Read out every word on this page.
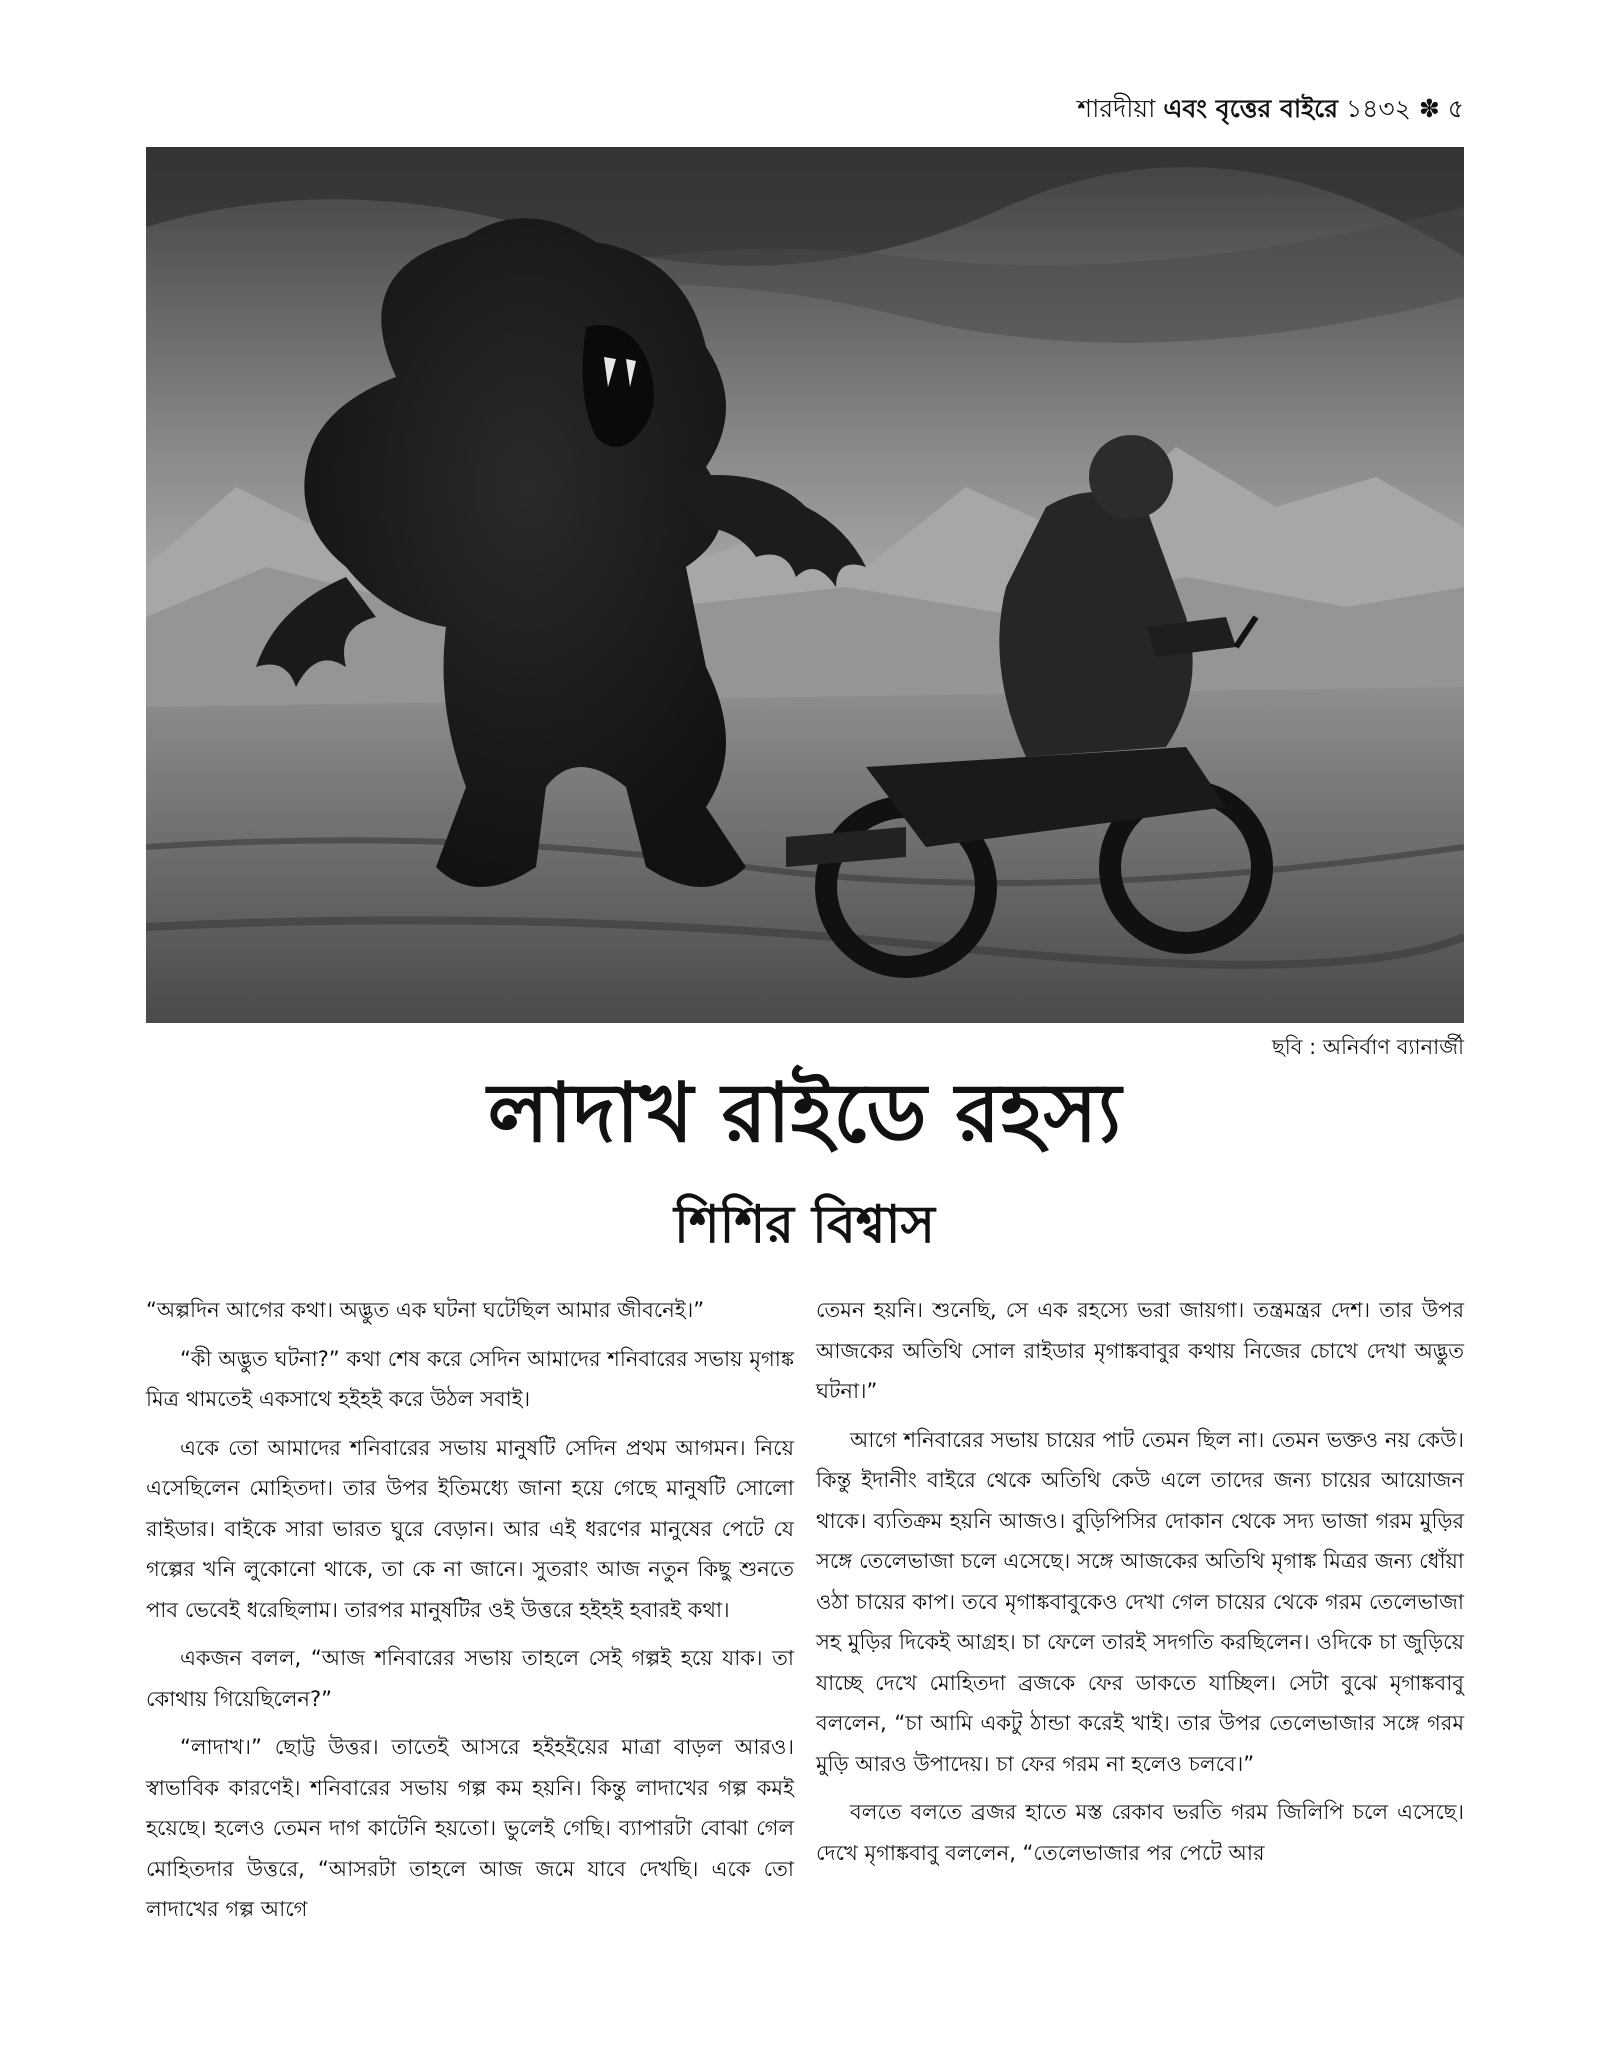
শারদীয়া এবং বৃত্তের বাইরে ১৪৩২ ✽ ৫
ছবি : অনির্বাণ ব্যানার্জী
লাদাখ রাইডে রহস্য
শিশির বিশ্বাস

“অল্পদিন আগের কথা। অদ্ভুত এক ঘটনা ঘটেছিল আমার জীবনেই।”

“কী অদ্ভুত ঘটনা?” কথা শেষ করে সেদিন আমাদের শনিবারের সভায় মৃগাঙ্ক মিত্র থামতেই একসাথে হইহই করে উঠল সবাই।

একে তো আমাদের শনিবারের সভায় মানুষটি সেদিন প্রথম আগমন। নিয়ে এসেছিলেন মোহিতদা। তার উপর ইতিমধ্যে জানা হয়ে গেছে মানুষটি সোলো রাইডার। বাইকে সারা ভারত ঘুরে বেড়ান। আর এই ধরণের মানুষের পেটে যে গল্পের খনি লুকোনো থাকে, তা কে না জানে। সুতরাং আজ নতুন কিছু শুনতে পাব ভেবেই ধরেছিলাম। তারপর মানুষটির ওই উত্তরে হইহই হবারই কথা।

একজন বলল, “আজ শনিবারের সভায় তাহলে সেই গল্পই হয়ে যাক। তা কোথায় গিয়েছিলেন?”

“লাদাখ।” ছোট্ট উত্তর। তাতেই আসরে হইহইয়ের মাত্রা বাড়ল আরও। স্বাভাবিক কারণেই। শনিবারের সভায় গল্প কম হয়নি। কিন্তু লাদাখের গল্প কমই হয়েছে। হলেও তেমন দাগ কাটেনি হয়তো। ভুলেই গেছি। ব্যাপারটা বোঝা গেল মোহিতদার উত্তরে, “আসরটা তাহলে আজ জমে যাবে দেখছি। একে তো লাদাখের গল্প আগে

তেমন হয়নি। শুনেছি, সে এক রহস্যে ভরা জায়গা। তন্ত্রমন্ত্রর দেশ। তার উপর আজকের অতিথি সোল রাইডার মৃগাঙ্কবাবুর কথায় নিজের চোখে দেখা অদ্ভুত ঘটনা।”

আগে শনিবারের সভায় চায়ের পাট তেমন ছিল না। তেমন ভক্তও নয় কেউ। কিন্তু ইদানীং বাইরে থেকে অতিথি কেউ এলে তাদের জন্য চায়ের আয়োজন থাকে। ব্যতিক্রম হয়নি আজও। বুড়িপিসির দোকান থেকে সদ্য ভাজা গরম মুড়ির সঙ্গে তেলেভাজা চলে এসেছে। সঙ্গে আজকের অতিথি মৃগাঙ্ক মিত্রর জন্য ধোঁয়া ওঠা চায়ের কাপ। তবে মৃগাঙ্কবাবুকেও দেখা গেল চায়ের থেকে গরম তেলেভাজা সহ মুড়ির দিকেই আগ্রহ। চা ফেলে তারই সদগতি করছিলেন। ওদিকে চা জুড়িয়ে যাচ্ছে দেখে মোহিতদা ব্রজকে ফের ডাকতে যাচ্ছিল। সেটা বুঝে মৃগাঙ্কবাবু বললেন, “চা আমি একটু ঠান্ডা করেই খাই। তার উপর তেলেভাজার সঙ্গে গরম মুড়ি আরও উপাদেয়। চা ফের গরম না হলেও চলবে।”

বলতে বলতে ব্রজর হাতে মস্ত রেকাব ভরতি গরম জিলিপি চলে এসেছে। দেখে মৃগাঙ্কবাবু বললেন, “তেলেভাজার পর পেটে আর
